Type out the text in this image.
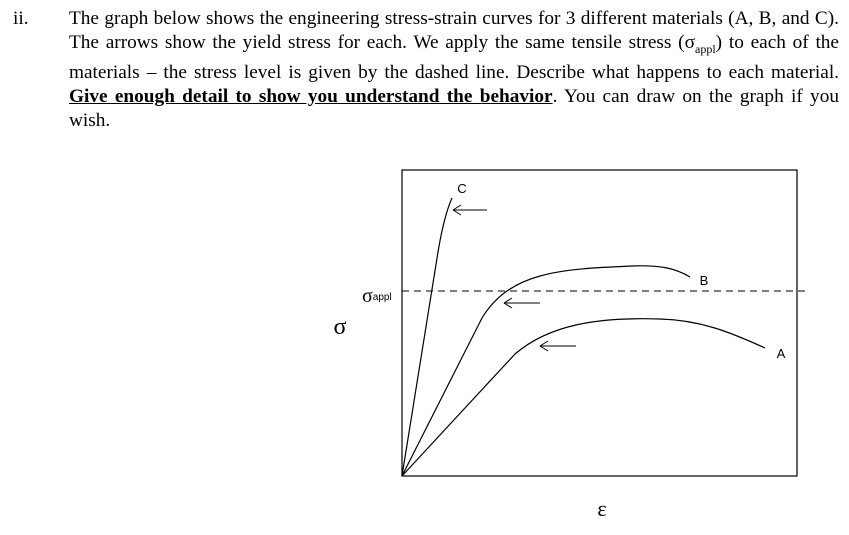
ii. The graph below shows the engineering stress-strain curves for 3 different materials (A, B, and C). The arrows show the yield stress for each. We apply the same tensile stress $(\sigma_{appl})$ to each of the materials – the stress level is given by the dashed line. Describe what happens to each material. Give enough detail to show you understand the behavior. You can draw on the graph if you wish.
C
B
A
σappl
σ
ε
